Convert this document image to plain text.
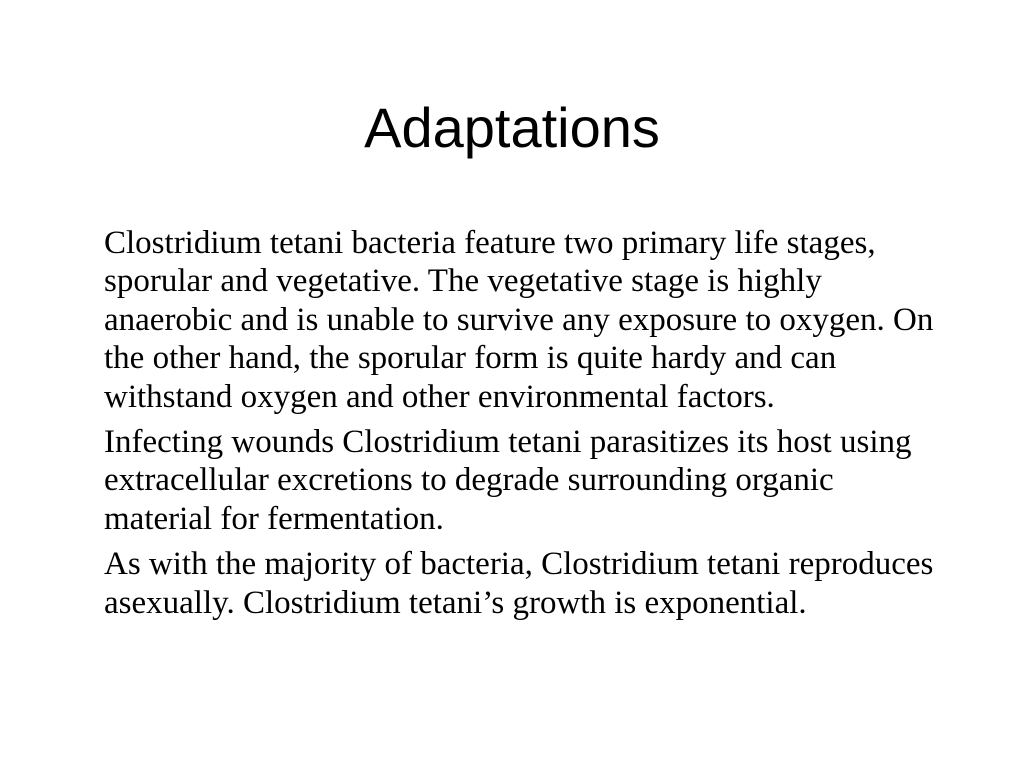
Adaptations

Clostridium tetani bacteria feature two primary life stages, sporular and vegetative. The vegetative stage is highly anaerobic and is unable to survive any exposure to oxygen. On the other hand, the sporular form is quite hardy and can withstand oxygen and other environmental factors.

Infecting wounds Clostridium tetani parasitizes its host using extracellular excretions to degrade surrounding organic material for fermentation.

As with the majority of bacteria, Clostridium tetani reproduces asexually. Clostridium tetani’s growth is exponential.
